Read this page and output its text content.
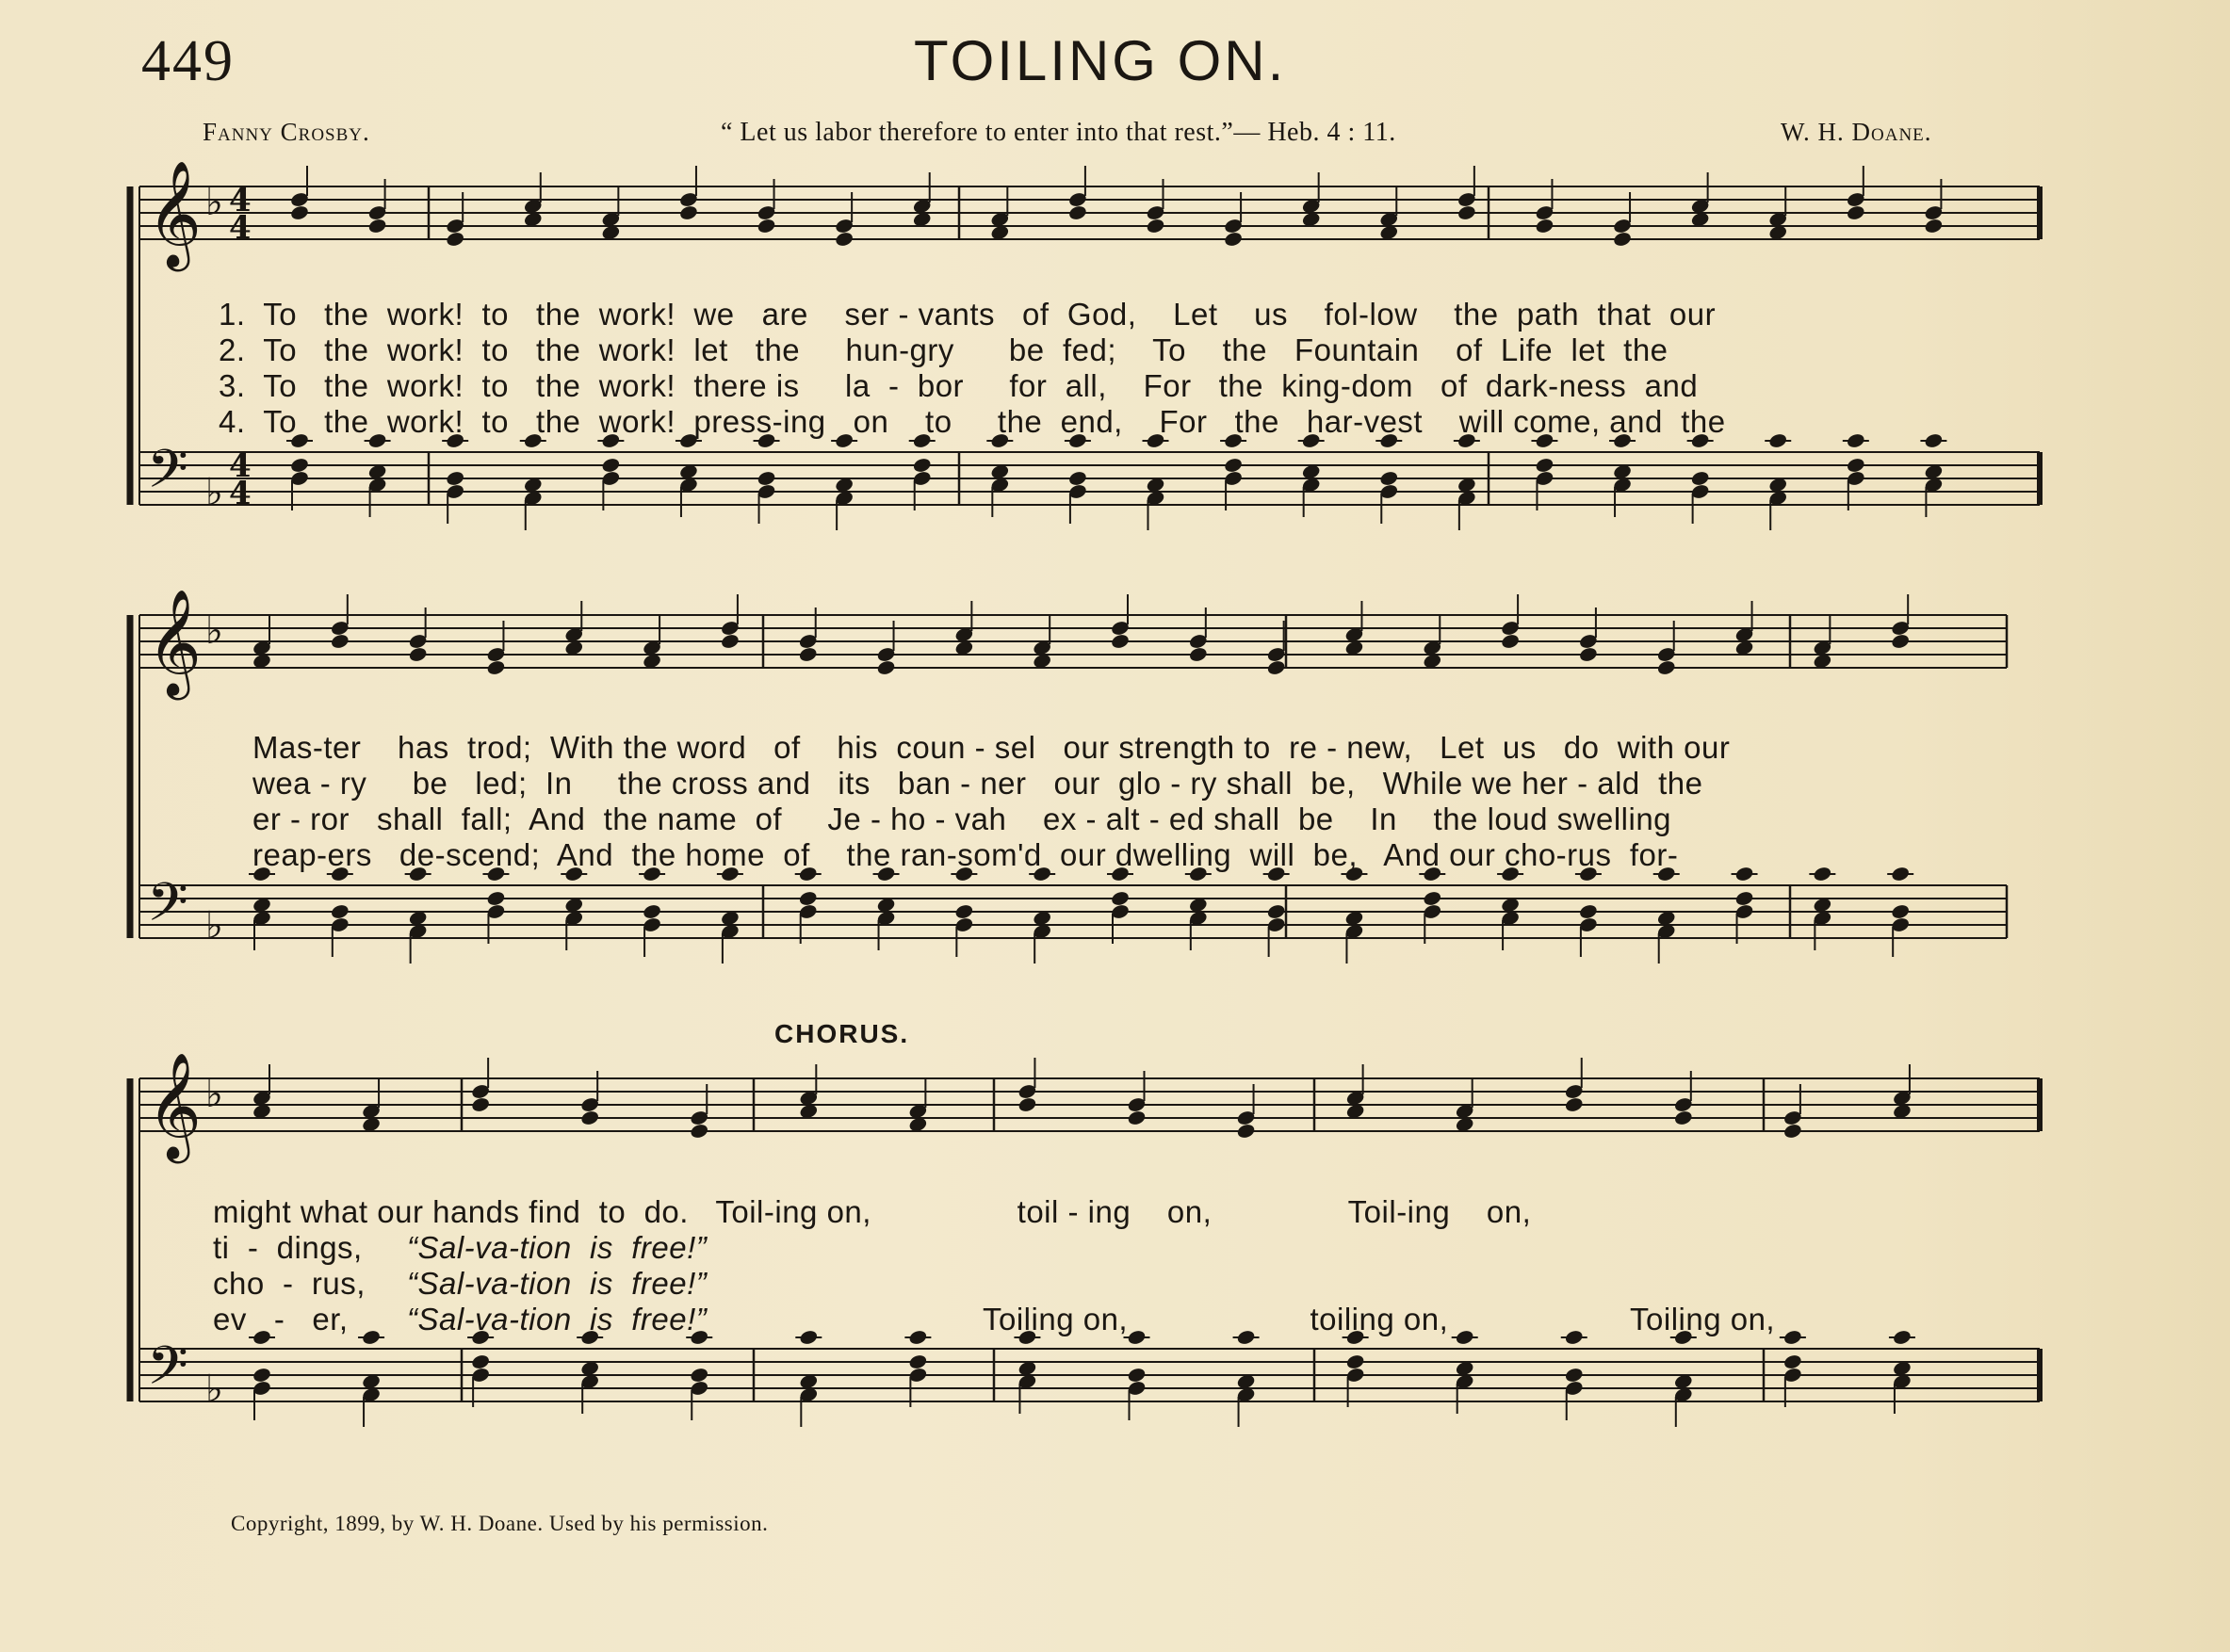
449	TOILING ON.
Fanny Crosby.	“ Let us labor therefore to enter into that rest.”— Heb. 4 : 11.	W. H. Doane.
𝄞 ♭ 4
4
𝄢 ♭
4
4
𝄞 ♭
𝄢 ♭
𝄞 ♭
𝄢 ♭
1.  To   the  work!  to   the  work!  we   are    ser - vants   of  God,    Let    us    fol-low    the  path  that  our
2.  To   the  work!  to   the  work!  let   the     hun-gry      be  fed;    To    the   Fountain    of  Life  let  the
3.  To   the  work!  to   the  work!  there is     la  -  bor     for  all,    For   the  king-dom   of  dark-ness  and
4.  To   the  work!  to   the  work!  press-ing   on    to     the  end,    For   the   har-vest    will come, and  the
Mas-ter    has  trod;  With the word   of    his  coun - sel   our strength to  re - new,   Let  us   do  with our
wea - ry     be   led;  In     the cross and   its   ban - ner   our  glo - ry shall  be,   While we her - ald  the
er - ror   shall  fall;  And  the name  of     Je - ho - vah    ex - alt - ed shall  be    In    the loud swelling
reap-ers   de-scend;  And  the home  of    the ran-som'd  our dwelling  will  be,   And our cho-rus  for-
CHORUS.
might what our hands find  to  do.   Toil-ing on,                toil - ing    on,               Toil-ing    on,
ti  -  dings,
cho  -  rus,
ev   -   er,
“Sal-va-tion  is  free!”
“Sal-va-tion  is  free!”
“Sal-va-tion  is  free!”	Toiling on,                    toiling on,                    Toiling on,
Copyright, 1899, by W. H. Doane. Used by his permission.
